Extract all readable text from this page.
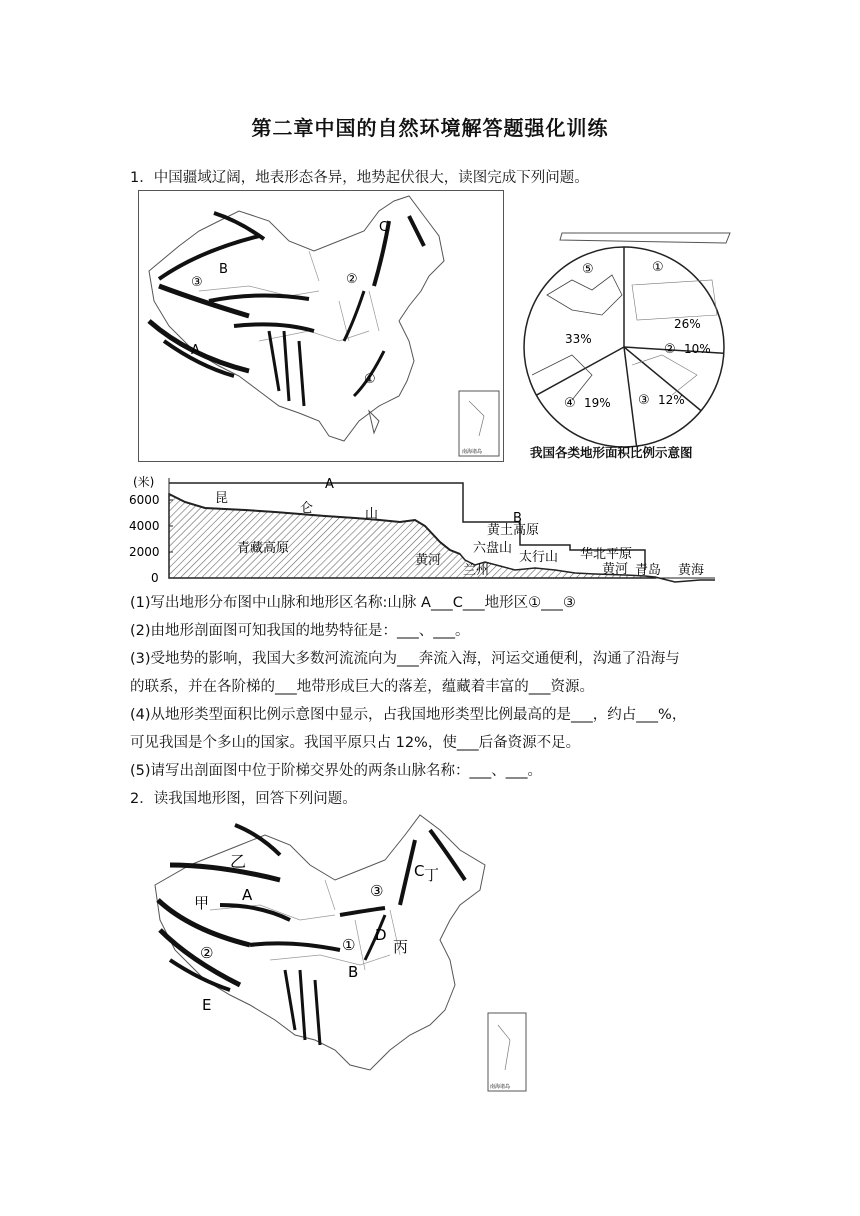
第二章中国的自然环境解答题强化训练
1．中国疆域辽阔，地表形态各异，地势起伏很大，读图完成下列问题。
南海诸岛
C
B
A
③	②
①
⑤	①
26%
33%
② 10%
③ 12%
④ 19%
我国各类地形面积比例示意图
(米)
6000
4000
2000
0
昆
仑	山
A
B
青藏高原
黄河
兰州
黄土高原
六盘山
太行山 华北平原
黄河 青岛 黄海
(1)写出地形分布图中山脉和地形区名称:山脉 A___C___地形区①___③
(2)由地形剖面图可知我国的地势特征是：___、___。
(3)受地势的影响，我国大多数河流流向为___奔流入海，河运交通便利，沟通了沿海与
的联系，并在各阶梯的___地带形成巨大的落差，蕴藏着丰富的___资源。
(4)从地形类型面积比例示意图中显示，占我国地形类型比例最高的是___，约占___%，
可见我国是个多山的国家。我国平原只占 12%，使___后备资源不足。
(5)请写出剖面图中位于阶梯交界处的两条山脉名称：___、___。
2．读我国地形图，回答下列问题。
南海诸岛
乙
A
甲
②
E
③
C 丁
D
①	丙
B
